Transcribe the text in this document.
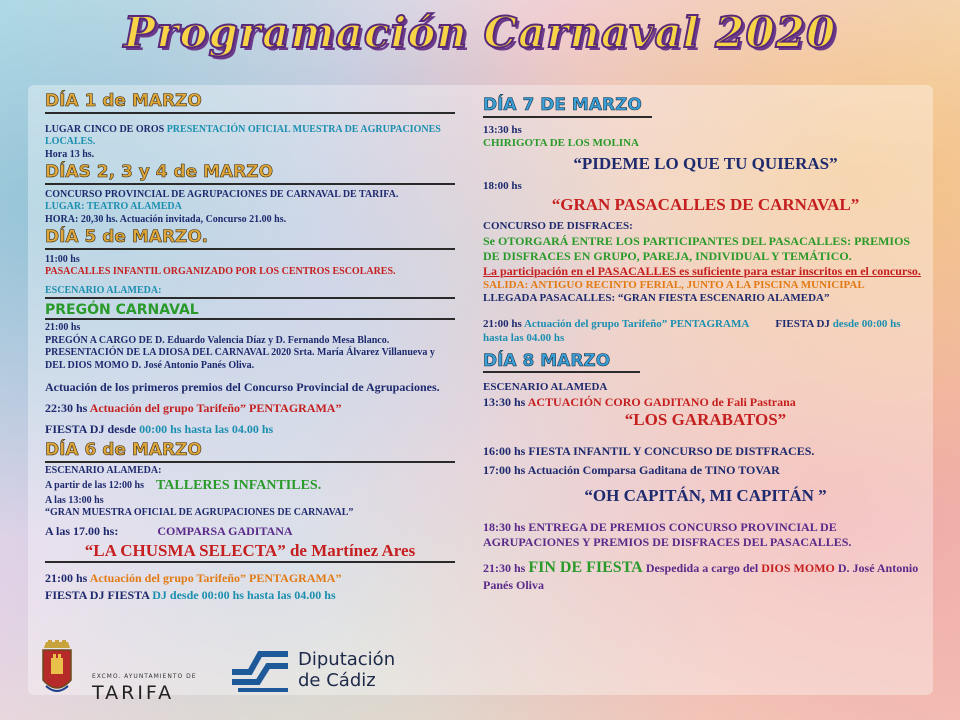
Programación Carnaval 2020
DÍA 1 de MARZO
LUGAR CINCO DE OROS PRESENTACIÓN OFICIAL MUESTRA DE AGRUPACIONES LOCALES.
Hora 13 hs.
DÍAS 2, 3 y 4 de MARZO
CONCURSO PROVINCIAL DE AGRUPACIONES DE CARNAVAL DE TARIFA.
LUGAR: TEATRO ALAMEDA
HORA: 20,30 hs. Actuación invitada, Concurso 21.00 hs.
DÍA 5 de MARZO.
11:00 hs
PASACALLES INFANTIL ORGANIZADO POR LOS CENTROS ESCOLARES.
ESCENARIO ALAMEDA:
PREGÓN CARNAVAL
21:00 hs
PREGÓN A CARGO DE D. Eduardo Valencia Díaz y D. Fernando Mesa Blanco.
PRESENTACIÓN DE LA DIOSA DEL CARNAVAL 2020 Srta. María Álvarez Villanueva y DEL DIOS MOMO D. José Antonio Panés Oliva.
Actuación de los primeros premios del Concurso Provincial de Agrupaciones.
22:30 hs Actuación del grupo Tarifeño” PENTAGRAMA”
FIESTA DJ desde 00:00 hs hasta las 04.00 hs
DÍA 6 de MARZO
ESCENARIO ALAMEDA:
A partir de las 12:00 hs TALLERES INFANTILES.
A las 13:00 hs
“GRAN MUESTRA OFICIAL DE AGRUPACIONES DE CARNAVAL”
A las 17.00 hs:	COMPARSA GADITANA
“LA CHUSMA SELECTA” de Martínez Ares
21:00 hs Actuación del grupo Tarifeño” PENTAGRAMA”
FIESTA DJ FIESTA DJ desde 00:00 hs hasta las 04.00 hs
DÍA 7 DE MARZO
13:30 hs
CHIRIGOTA DE LOS MOLINA
“PIDEME LO QUE TU QUIERAS”
18:00 hs
“GRAN PASACALLES DE CARNAVAL”
CONCURSO DE DISFRACES:
Se OTORGARÁ ENTRE LOS PARTICIPANTES DEL PASACALLES: PREMIOS DE DISFRACES EN GRUPO, PAREJA, INDIVIDUAL Y TEMÁTICO.
La participación en el PASACALLES es suficiente para estar inscritos en el concurso.
SALIDA: ANTIGUO RECINTO FERIAL, JUNTO A LA PISCINA MUNICIPAL
LLEGADA PASACALLES: “GRAN FIESTA ESCENARIO ALAMEDA”
21:00 hs Actuación del grupo Tarifeño” PENTAGRAMA FIESTA DJ desde 00:00 hs hasta las 04.00 hs
DÍA 8 MARZO
ESCENARIO ALAMEDA
13:30 hs ACTUACIÓN CORO GADITANO de Fali Pastrana
“LOS GARABATOS”
16:00 hs FIESTA INFANTIL Y CONCURSO DE DISTFRACES.
17:00 hs Actuación Comparsa Gaditana de TINO TOVAR
“OH CAPITÁN, MI CAPITÁN ”
18:30 hs ENTREGA DE PREMIOS CONCURSO PROVINCIAL DE AGRUPACIONES Y PREMIOS DE DISFRACES DEL PASACALLES.
21:30 hs FIN DE FIESTA Despedida a cargo del DIOS MOMO D. José Antonio Panés Oliva
EXCMO. AYUNTAMIENTO DE
TARIFA
Diputación
de Cádiz
